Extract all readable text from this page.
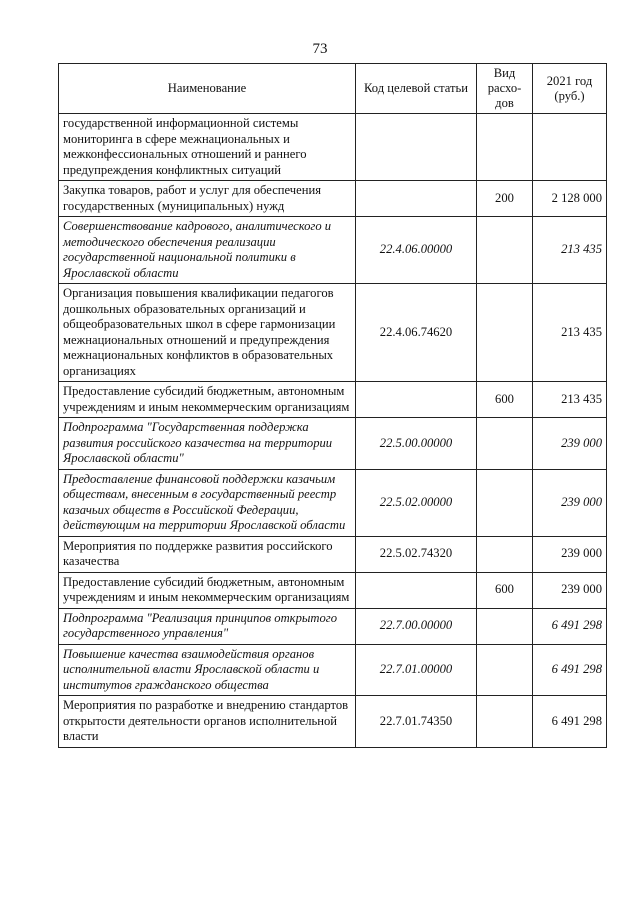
73
Наименование	Код целевой статьи	Вид расхо-дов	2021 год (руб.)
государственной информационной системы мониторинга в сфере межнациональных и межконфессиональных отношений и раннего предупреждения конфликтных ситуаций			
Закупка товаров, работ и услуг для обеспечения государственных (муниципальных) нужд		200	2 128 000
Совершенствование кадрового, аналитического и методического обеспечения реализации государственной национальной политики в Ярославской области	22.4.06.00000		213 435
Организация повышения квалификации педагогов дошкольных образовательных организаций и общеобразовательных школ в сфере гармонизации межнациональных отношений и предупреждения межнациональных конфликтов в образовательных организациях	22.4.06.74620		213 435
Предоставление субсидий бюджетным, автономным учреждениям и иным некоммерческим организациям		600	213 435
Подпрограмма "Государственная поддержка развития российского казачества на территории Ярославской области"	22.5.00.00000		239 000
Предоставление финансовой поддержки казачьим обществам, внесенным в государственный реестр казачьих обществ в Российской Федерации, действующим на территории Ярославской области	22.5.02.00000		239 000
Мероприятия по поддержке развития российского казачества	22.5.02.74320		239 000
Предоставление субсидий бюджетным, автономным учреждениям и иным некоммерческим организациям		600	239 000
Подпрограмма "Реализация принципов открытого государственного управления"	22.7.00.00000		6 491 298
Повышение качества взаимодействия органов исполнительной власти Ярославской области и институтов гражданского общества	22.7.01.00000		6 491 298
Мероприятия по разработке и внедрению стандартов открытости деятельности органов исполнительной власти	22.7.01.74350		6 491 298
